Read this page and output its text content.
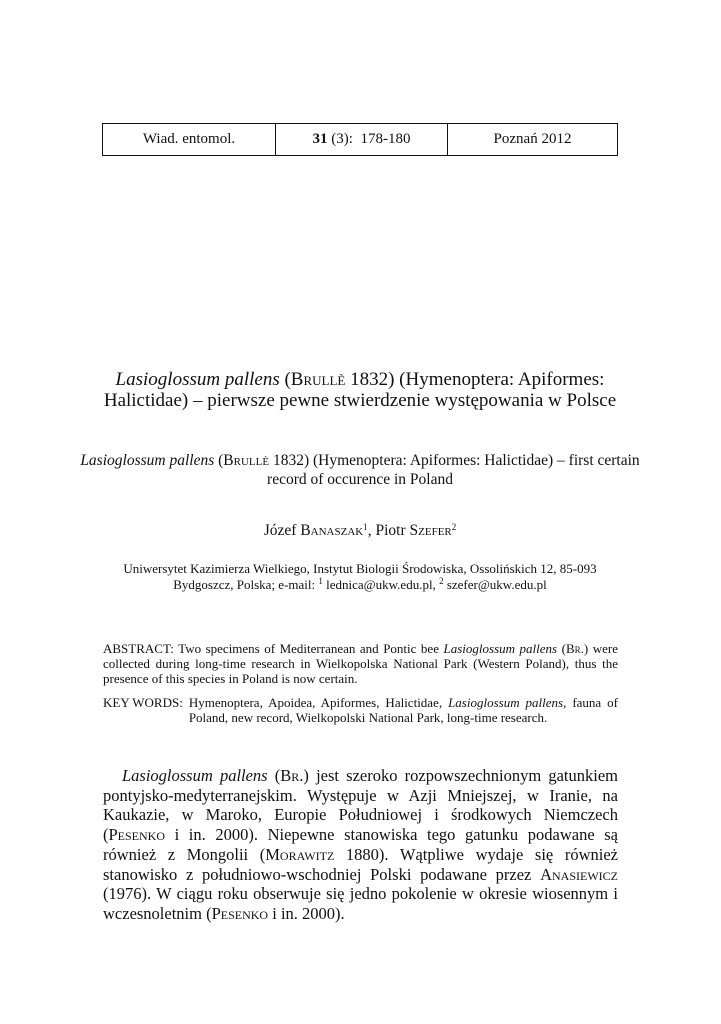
Wiad. entomol.	31 (3):  178-180	Poznań 2012
Lasioglossum pallens (Brullè 1832) (Hymenoptera: Apiformes: Halictidae) – pierwsze pewne stwierdzenie występowania w Polsce
Lasioglossum pallens (Brullè 1832) (Hymenoptera: Apiformes: Halictidae) – first certain record of occurence in Poland
Józef Banaszak$^1$, Piotr Szefer$^2$
Uniwersytet Kazimierza Wielkiego, Instytut Biologii Środowiska, Ossolińskich 12, 85-093
Bydgoszcz, Polska; e-mail: $^1$ lednica@ukw.edu.pl, $^2$ szefer@ukw.edu.pl
ABSTRACT: Two specimens of Mediterranean and Pontic bee Lasioglossum pallens (Br.) were collected during long-time research in Wielkopolska National Park (Western Poland), thus the presence of this species in Poland is now certain.
KEY WORDS: Hymenoptera, Apoidea, Apiformes, Halictidae, Lasioglossum pallens, fauna of Poland, new record, Wielkopolski National Park, long-time research.

Lasioglossum pallens (Br.) jest szeroko rozpowszechnionym gatunkiem pontyjsko-medyterranejskim. Występuje w Azji Mniejszej, w Iranie, na Kaukazie, w Maroko, Europie Południowej i środkowych Niemczech (Pesenko i in. 2000). Niepewne stanowiska tego gatunku podawane są również z Mongolii (Morawitz 1880). Wątpliwe wydaje się również stanowisko z południowo-wschodniej Polski podawane przez Anasiewicz (1976). W ciągu roku obserwuje się jedno pokolenie w okresie wiosennym i wczesnoletnim (Pesenko i in. 2000).
